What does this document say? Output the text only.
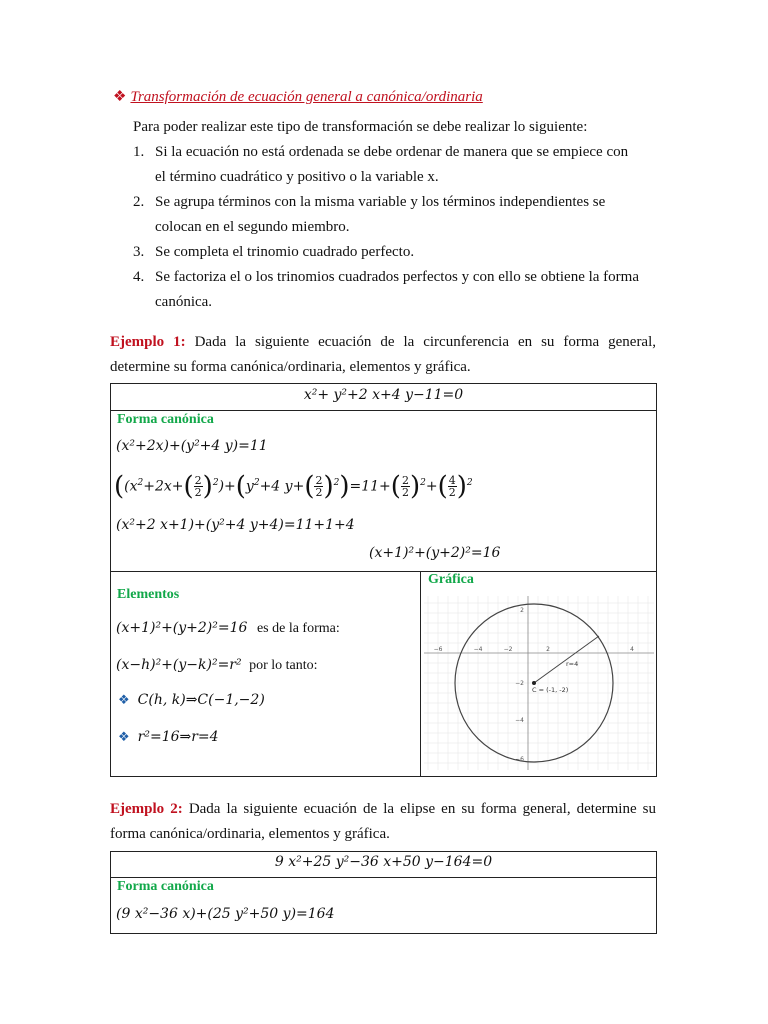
❖ Transformación de ecuación general a canónica/ordinaria
Para poder realizar este tipo de transformación se debe realizar lo siguiente:
1. Si la ecuación no está ordenada se debe ordenar de manera que se empiece con
el término cuadrático y positivo o la variable x.
2. Se agrupa términos con la misma variable y los términos independientes se
colocan en el segundo miembro.
3. Se completa el trinomio cuadrado perfecto.
4. Se factoriza el o los trinomios cuadrados perfectos y con ello se obtiene la forma
canónica.
Ejemplo 1: Dada la siguiente ecuación de la circunferencia en su forma general,
determine su forma canónica/ordinaria, elementos y gráfica.
x²+ y²+2 x+4 y−11=0
Forma canónica
(x²+2x)+(y²+4 y)=11
($(x^2+2x+( \frac{2}{2} )^2)+(y^2+4$ $y+( \frac{2}{2} )^2)=11+( \frac{2}{2} )^2+( \frac{4}{2} )^2$
(x²+2 x+1)+(y²+4 y+4)=11+1+4
(x+1)²+(y+2)²=16
Elementos
(x+1)²+(y+2)²=16 es de la forma:
(x−h)²+(y−k)²=r² por lo tanto:
❖ C(h, k)⇒C(−1,−2)
❖ r²=16⇒r=4
Gráfica
−6	−4	−2	2	4
2
−2
−4
−6
r=4
C = (-1, -2)
Ejemplo 2: Dada la siguiente ecuación de la elipse en su forma general, determine su
forma canónica/ordinaria, elementos y gráfica.
9 x²+25 y²−36 x+50 y−164=0
Forma canónica
(9 x²−36 x)+(25 y²+50 y)=164
